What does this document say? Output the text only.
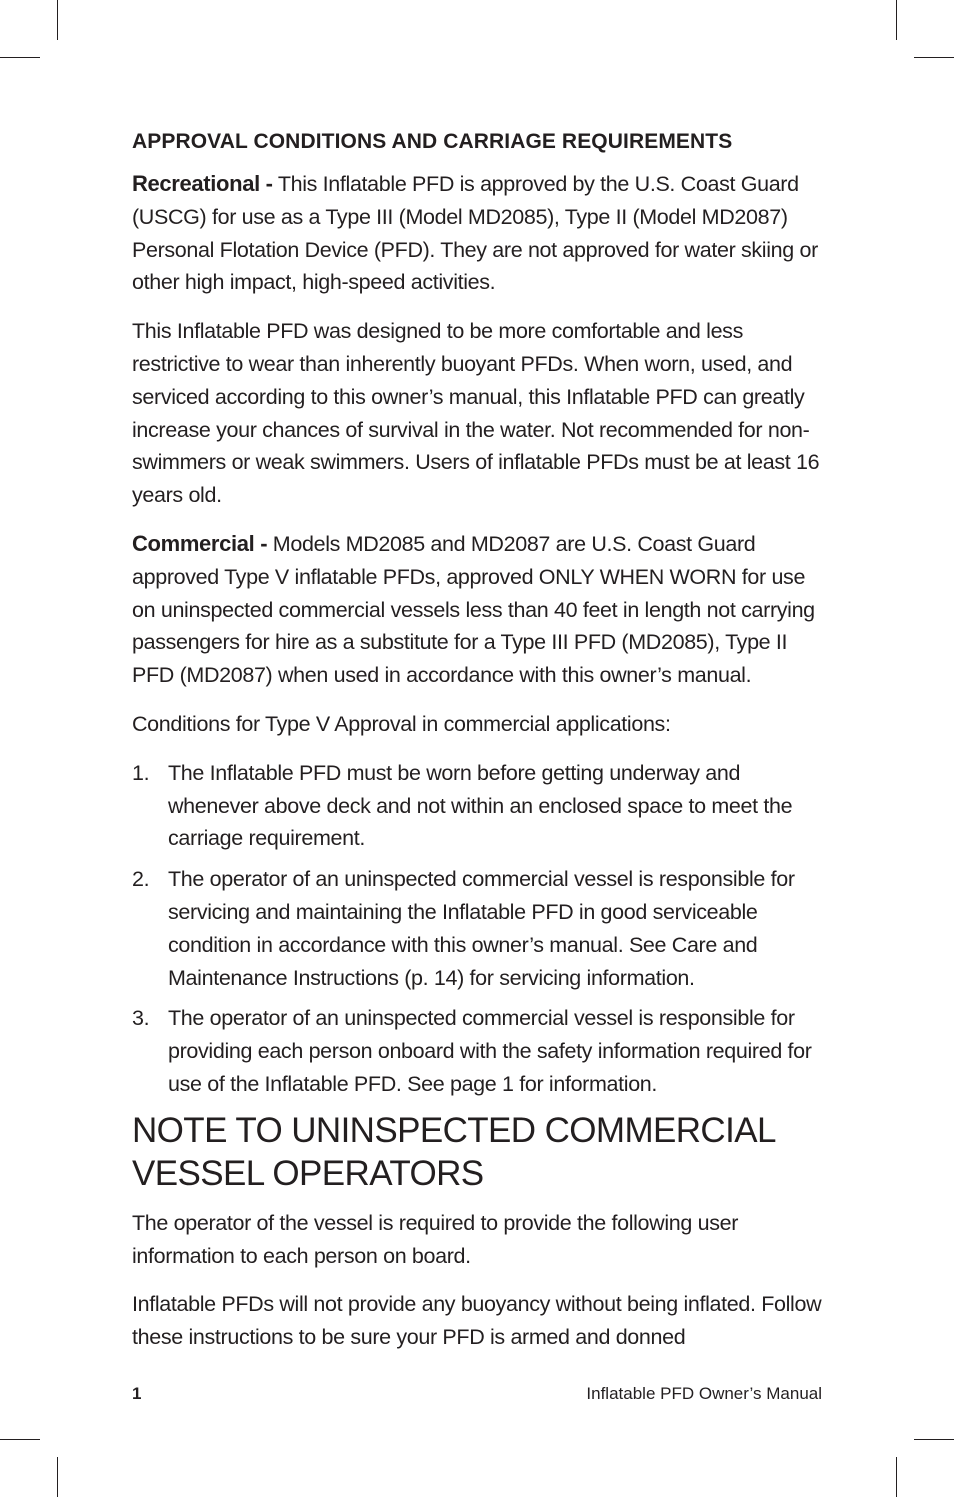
APPROVAL CONDITIONS AND CARRIAGE REQUIREMENTS

Recreational - This Inflatable PFD is approved by the U.S. Coast Guard (USCG) for use as a Type III (Model MD2085), Type II (Model MD2087) Personal Flotation Device (PFD). They are not approved for water skiing or other high impact, high-speed activities.

This Inflatable PFD was designed to be more comfortable and less restrictive to wear than inherently buoyant PFDs. When worn, used, and serviced according to this owner’s manual, this Inflatable PFD can greatly increase your chances of survival in the water. Not recommended for non-swimmers or weak swimmers. Users of inflatable PFDs must be at least 16 years old.

Commercial - Models MD2085 and MD2087 are U.S. Coast Guard approved Type V inflatable PFDs, approved ONLY WHEN WORN for use on uninspected commercial vessels less than 40 feet in length not carrying passengers for hire as a substitute for a Type III PFD (MD2085), Type II PFD (MD2087) when used in accordance with this owner’s manual.

Conditions for Type V Approval in commercial applications:

1. The Inflatable PFD must be worn before getting underway and whenever above deck and not within an enclosed space to meet the carriage requirement.
2. The operator of an uninspected commercial vessel is responsible for servicing and maintaining the Inflatable PFD in good serviceable condition in accordance with this owner’s manual. See Care and Maintenance Instructions (p. 14) for servicing information.
3. The operator of an uninspected commercial vessel is responsible for providing each person onboard with the safety information required for use of the Inflatable PFD. See page 1 for information.
NOTE TO UNINSPECTED COMMERCIAL VESSEL OPERATORS

The operator of the vessel is required to provide the following user information to each person on board.

Inflatable PFDs will not provide any buoyancy without being inflated. Follow these instructions to be sure your PFD is armed and donned

1	Inflatable PFD Owner’s Manual
